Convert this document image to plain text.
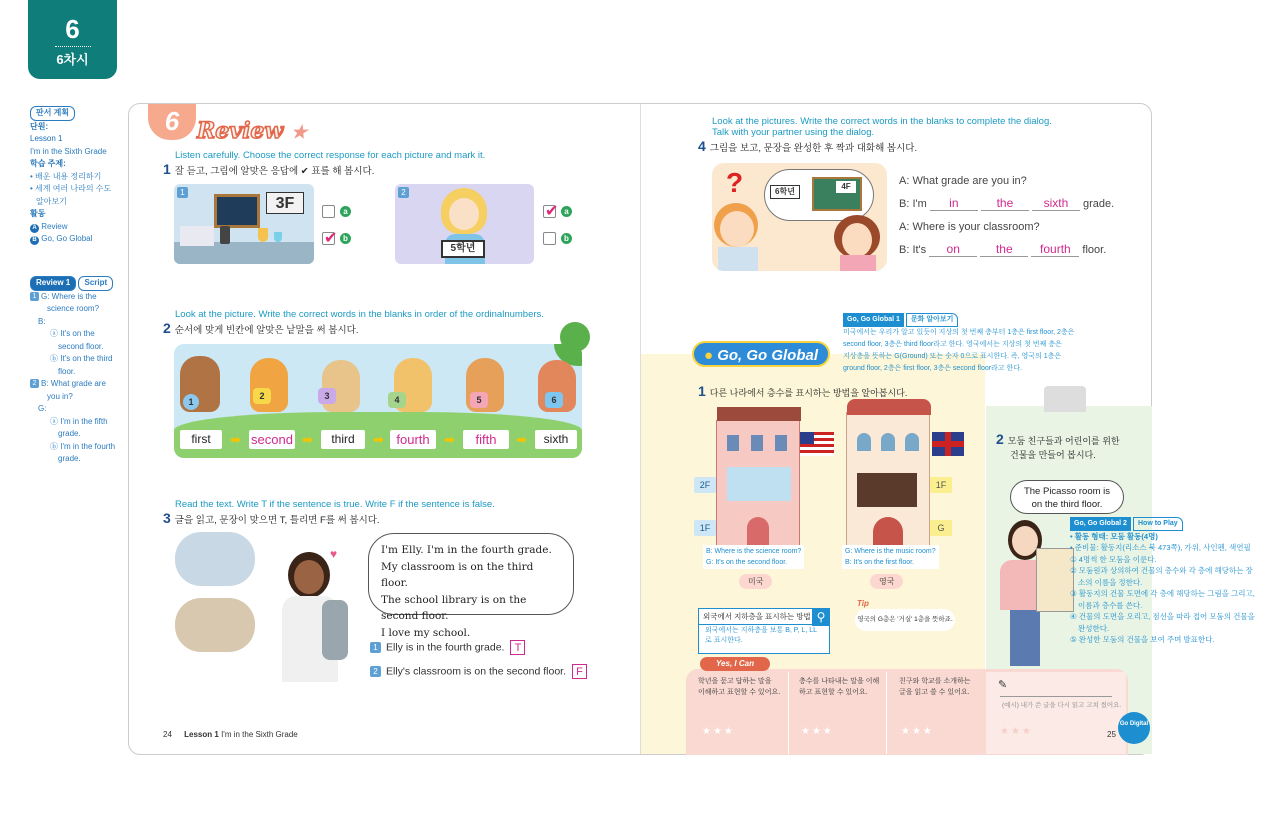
6
6차시
판서 계획
단원:
Lesson 1
I'm in the Sixth Grade
학습 주제:
• 배운 내용 정리하기
• 세계 여러 나라의 수도
알아보기
활동
A Review
B Go, Go Global
Review 1 Script
1 G: Where is the
science room?
B:
ⓐ It's on the
second floor.
ⓑ It's on the third
floor.
2 B: What grade are
you in?
G:
ⓐ I'm in the fifth
grade.
ⓑ I'm in the fourth
grade.
6 Review ★
Listen carefully. Choose the correct response for each picture and mark it.
1 잘 듣고, 그림에 알맞은 응답에 ✔ 표를 해 봅시다.
1
3F	a
✔ b
2
5학년
✔ a
b
Look at the picture. Write the correct words in the blanks in order of the ordinalnumbers.
2 순서에 맞게 빈칸에 알맞은 낱말을 써 봅시다.
1
2	3	4	5	6
first	➡ second ➡	third	➡ fourth	➡	fifth	➡	sixth
Read the text. Write T if the sentence is true. Write F if the sentence is false.
3 글을 읽고, 문장이 맞으면 T, 틀리면 F를 써 봅시다.
♥	I'm Elly. I'm in the fourth grade.
My classroom is on the third floor.
The school library is on the second floor.
I love my school.
1 Elly is in the fourth grade. T
2 Elly's classroom is on the second floor. F
24 Lesson 1 I'm in the Sixth Grade
Look at the pictures. Write the correct words in the blanks to complete the dialog.
Talk with your partner using the dialog.
4 그림을 보고, 문장을 완성한 후 짝과 대화해 봅시다.
?	6학년
4F	A: What grade are you in?
B: I'm in	the	sixth grade.
A: Where is your classroom?
B: It's on	the fourth floor.
● Go, Go Global
Go, Go Global 1 문화 알아보기
미국에서는 우리가 알고 있듯이 지상의 첫 번째 층부터 1층은 first floor, 2층은
second floor, 3층은 third floor라고 한다. 영국에서는 지상의 첫 번째 층은
지상층을 뜻하는 G(Ground) 또는 숫자 0으로 표시한다. 즉, 영국의 1층은
ground floor, 2층은 first floor, 3층은 second floor라고 한다.
1 다른 나라에서 층수를 표시하는 방법을 알아봅시다.
2F
1F
B: Where is the science room?
G: It's on the second floor.
미국
1F
G
G: Where is the music room?
B: It's on the first floor.
영국
외국에서 지하층을 표시하는 방법
외국에서는 지하층을 보통 B, P, L, LL
로 표시한다.
⚲
Tip
영국의 G층은 '거실' 1층을 뜻하죠.
2 모둠 친구들과 어린이를 위한
건물을 만들어 봅시다.
The Picasso room is
on the third floor.
Go, Go Global 2 How to Play
• 활동 형태: 모둠 활동(4명)
• 준비물: 활동지(리소스 북 473쪽), 가위, 사인펜, 색연필
① 4명씩 한 모둠을 이룬다.
② 모둠원과 상의하여 건물의 층수와 각 층에 해당하는 장
소의 이름을 정한다.
③ 활동지의 건물 도면에 각 층에 해당하는 그림을 그리고,
이름과 층수를 쓴다.
④ 건물의 도면을 오리고, 점선을 따라 접어 모둠의 건물을
완성한다.
⑤ 완성한 모둠의 건물을 보여 주며 발표한다.
Yes, I Can
학년을 묻고 답하는 말을
이해하고 표현할 수 있어요.
층수를 나타내는 말을 이해
하고 표현할 수 있어요.
친구와 학교를 소개하는
글을 읽고 쓸 수 있어요.
✎
(예시) 내가 쓴 글을 다시 읽고 고쳐 썼어요.
★★★	★★★	★★★	★★★	25
Go Digital
